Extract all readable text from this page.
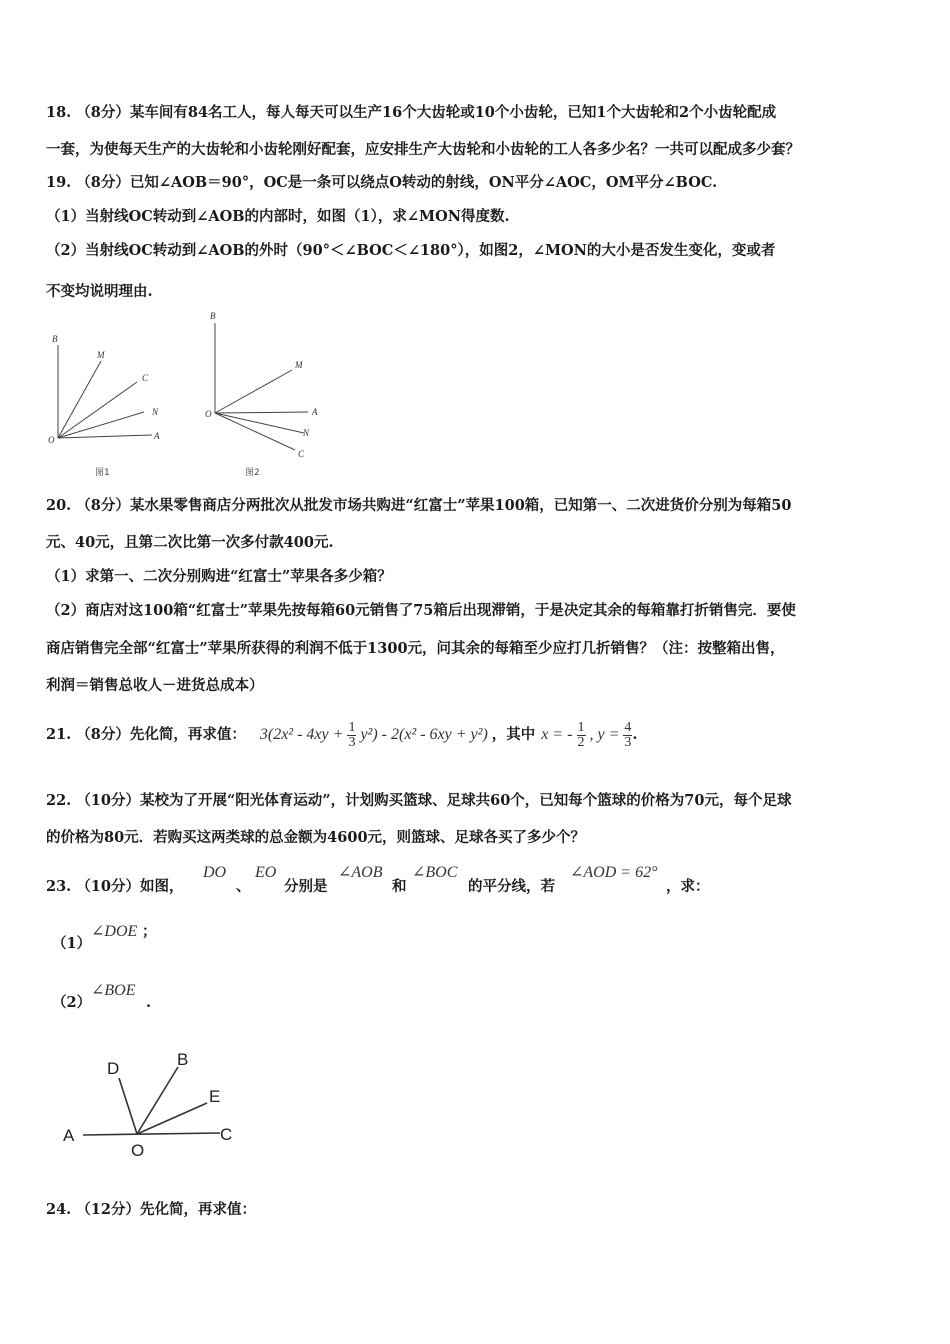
18. （8分）某车间有84名工人，每人每天可以生产16个大齿轮或10个小齿轮，已知1个大齿轮和2个小齿轮配成
一套，为使每天生产的大齿轮和小齿轮刚好配套，应安排生产大齿轮和小齿轮的工人各多少名？一共可以配成多少套？
19. （8分）已知∠AOB＝90°，OC是一条可以绕点O转动的射线，ON平分∠AOC，OM平分∠BOC.
（1）当射线OC转动到∠AOB的内部时，如图（1），求∠MON得度数.
（2）当射线OC转动到∠AOB的外时（90°＜∠BOC＜∠180°），如图2，∠MON的大小是否发生变化，变或者
不变均说明理由.
B
M
C
N
O	A
图1
B
M
O	A
N
C
图2
20. （8分）某水果零售商店分两批次从批发市场共购进“红富士”苹果100箱，已知第一、二次进货价分别为每箱50
元、40元，且第二次比第一次多付款400元.
（1）求第一、二次分别购进“红富士”苹果各多少箱？
（2）商店对这100箱“红富士”苹果先按每箱60元销售了75箱后出现滞销，于是决定其余的每箱靠打折销售完．要使
商店销售完全部“红富士”苹果所获得的利润不低于1300元，问其余的每箱至少应打几折销售？（注：按整箱出售，
利润＝销售总收人－进货总成本）
21. （8分）先化简，再求值： $3(2x^2 - 4xy + \frac{1}{3} y^2) - 2(x^2 - 6xy + y^2)$ ，其中 x = - $\frac{1}{2}$ , $y = \frac{4}{3}$ .
22. （10分）某校为了开展“阳光体育运动”，计划购买篮球、足球共60个，已知每个篮球的价格为70元，每个足球
的价格为80元．若购买这两类球的总金额为4600元，则篮球、足球各买了多少个？
23. （10分）如图，
DO
、
EO
分别是
∠AOB
和
∠BOC
的平分线，若
∠AOD = 62°
，求：
（1）
∠DOE ；
（2）
∠BOE
.
D	B
E
A
O
C
24. （12分）先化简，再求值：
